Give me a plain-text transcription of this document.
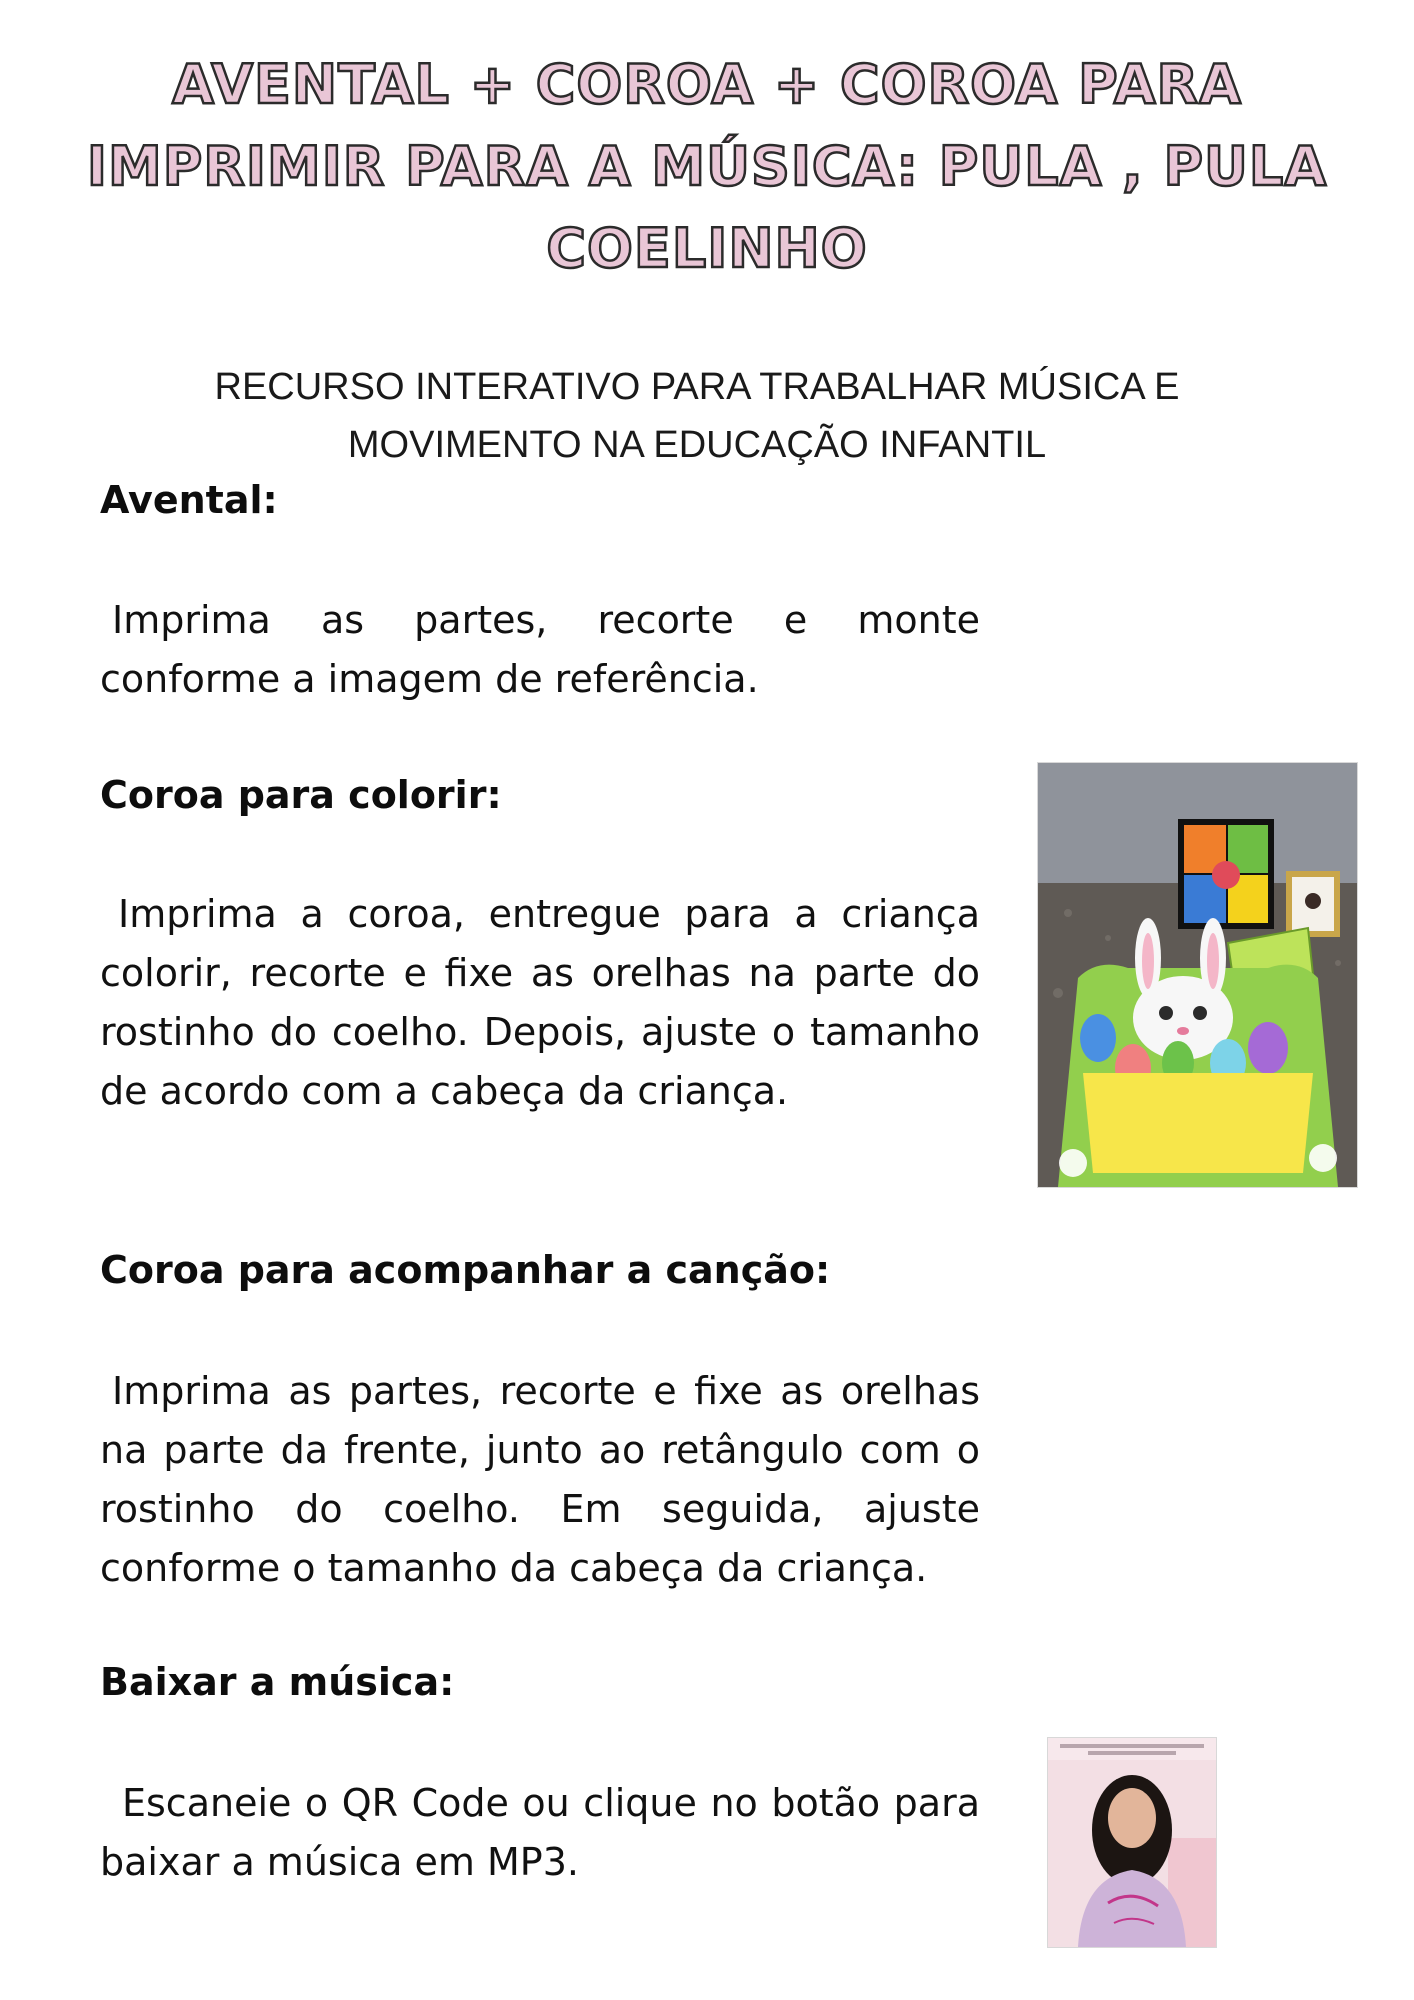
AVENTAL + COROA + COROA PARA IMPRIMIR PARA A MÚSICA: PULA , PULA COELINHO
RECURSO INTERATIVO PARA TRABALHAR MÚSICA E
MOVIMENTO NA EDUCAÇÃO INFANTIL
Avental:
Imprima as partes, recorte e monte conforme a imagem de referência.
Coroa para colorir:
Imprima a coroa, entregue para a criança colorir, recorte e fixe as orelhas na parte do rostinho do coelho. Depois, ajuste o tamanho de acordo com a cabeça da criança.
Coroa para acompanhar a canção:
Imprima as partes, recorte e fixe as orelhas na parte da frente, junto ao retângulo com o rostinho do coelho. Em seguida, ajuste conforme o tamanho da cabeça da criança.
Baixar a música:
Escaneie o QR Code ou clique no botão para baixar a música em MP3.
